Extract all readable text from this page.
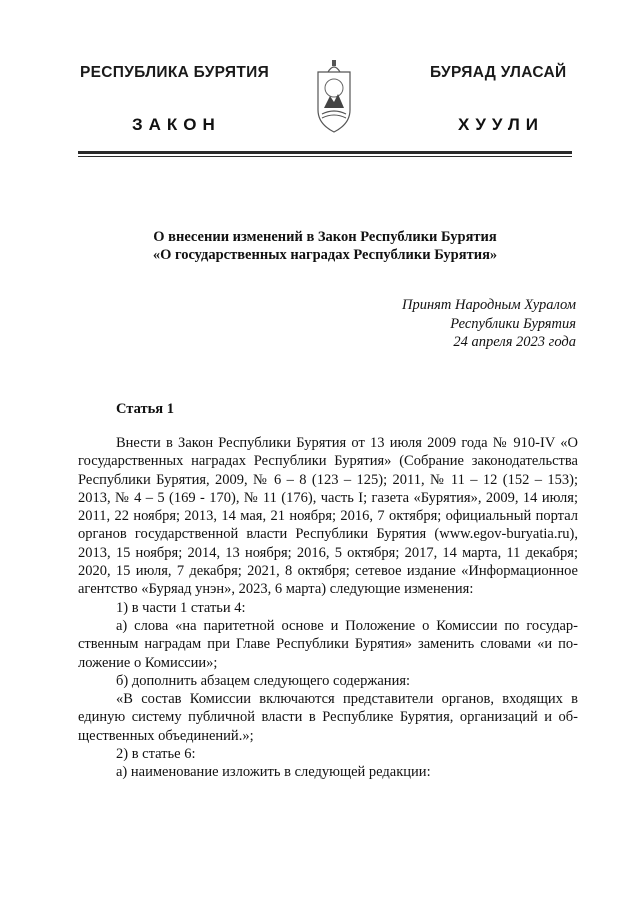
РЕСПУБЛИКА БУРЯТИЯ	БУРЯАД УЛАСАЙ
ЗАКОН	ХУУЛИ
О внесении изменений в Закон Республики Бурятия
«О государственных наградах Республики Бурятия»
Принят Народным Хуралом
Республики Бурятия
24 апреля 2023 года
Статья 1

Внести в Закон Республики Бурятия от 13 июля 2009 года № 910-IV «О государственных наградах Республики Бурятия» (Собрание законодательства Республики Бурятия, 2009, № 6 – 8 (123 – 125); 2011, № 11 – 12 (152 – 153); 2013, № 4 – 5 (169 - 170), № 11 (176), часть I; газета «Бурятия», 2009, 14 июля; 2011, 22 ноября; 2013, 14 мая, 21 ноября; 2016, 7 октября; официальный портал органов государственной власти Республики Бурятия (www.egov-buryatia.ru), 2013, 15 ноября; 2014, 13 ноября; 2016, 5 октября; 2017, 14 марта, 11 декабря; 2020, 15 июля, 7 декабря; 2021, 8 октября; сетевое издание «Информационное агентство «Буряад унэн», 2023, 6 марта) следующие изменения:

1) в части 1 статьи 4:

а) слова «на паритетной основе и Положение о Комиссии по государственным наградам при Главе Республики Бурятия» заменить словами «и положение о Комиссии»;

б) дополнить абзацем следующего содержания:

«В состав Комиссии включаются представители органов, входящих в единую систему публичной власти в Республике Бурятия, организаций и общественных объединений.»;

2) в статье 6:

а) наименование изложить в следующей редакции:
